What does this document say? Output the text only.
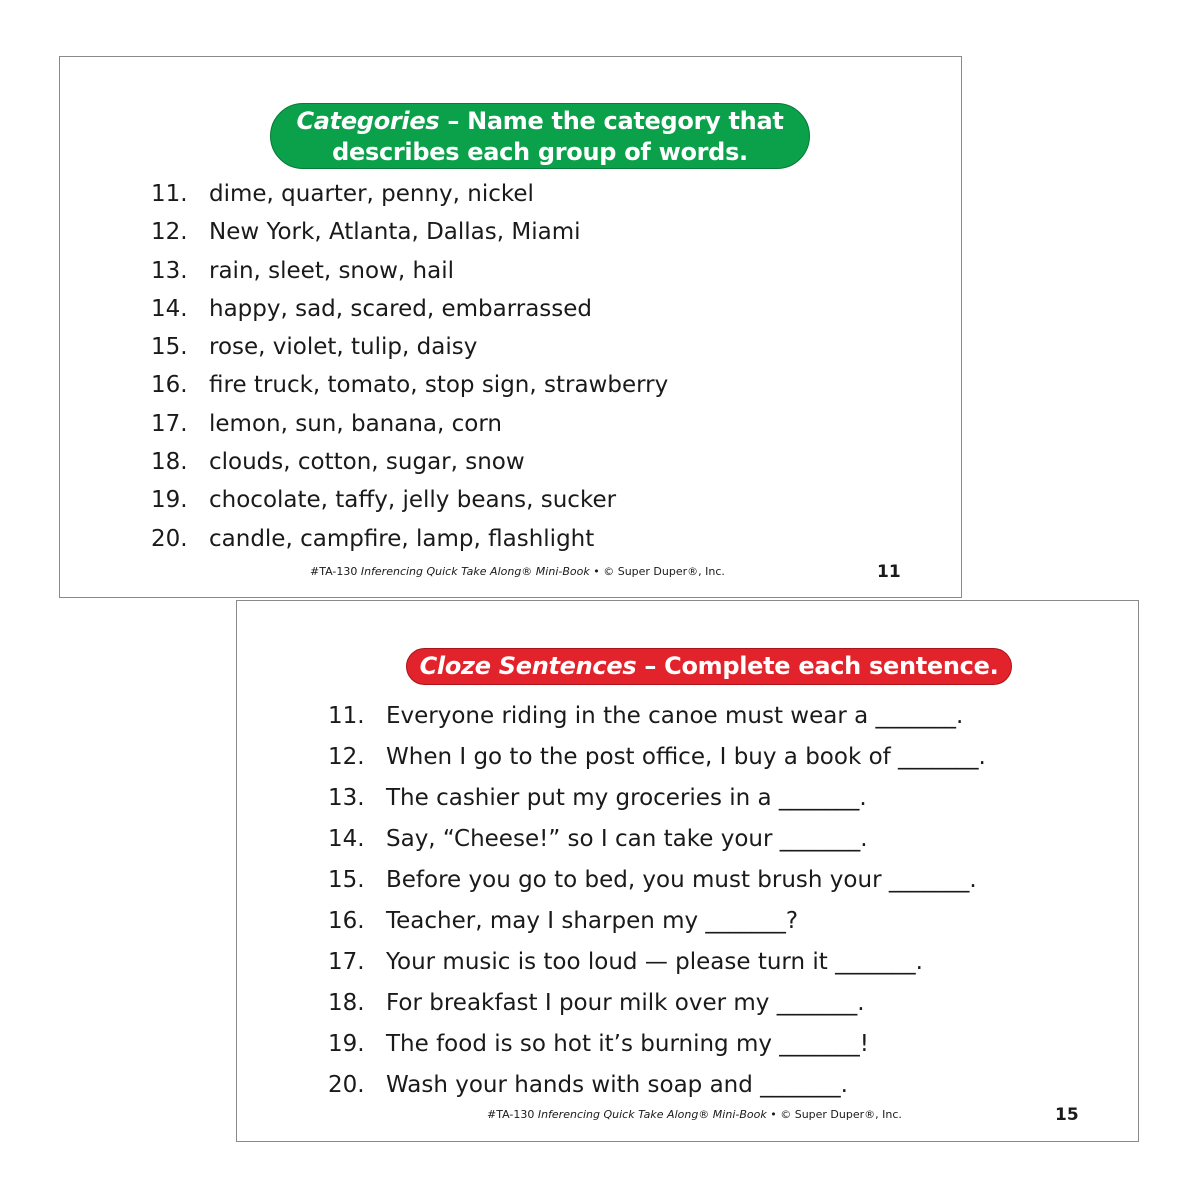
Categories – Name the category that
describes each group of words.
11. dime, quarter, penny, nickel
12. New York, Atlanta, Dallas, Miami
13. rain, sleet, snow, hail
14. happy, sad, scared, embarrassed
15. rose, violet, tulip, daisy
16. fire truck, tomato, stop sign, strawberry
17. lemon, sun, banana, corn
18. clouds, cotton, sugar, snow
19. chocolate, taffy, jelly beans, sucker
20. candle, campfire, lamp, flashlight
#TA-130 Inferencing Quick Take Along® Mini-Book • © Super Duper®, Inc.	11
Cloze Sentences – Complete each sentence.
11. Everyone riding in the canoe must wear a _______.
12. When I go to the post office, I buy a book of _______.
13. The cashier put my groceries in a _______.
14. Say, “Cheese!” so I can take your _______.
15. Before you go to bed, you must brush your _______.
16. Teacher, may I sharpen my _______?
17. Your music is too loud — please turn it _______.
18. For breakfast I pour milk over my _______.
19. The food is so hot it’s burning my _______!
20. Wash your hands with soap and _______.
#TA-130 Inferencing Quick Take Along® Mini-Book • © Super Duper®, Inc.	15
